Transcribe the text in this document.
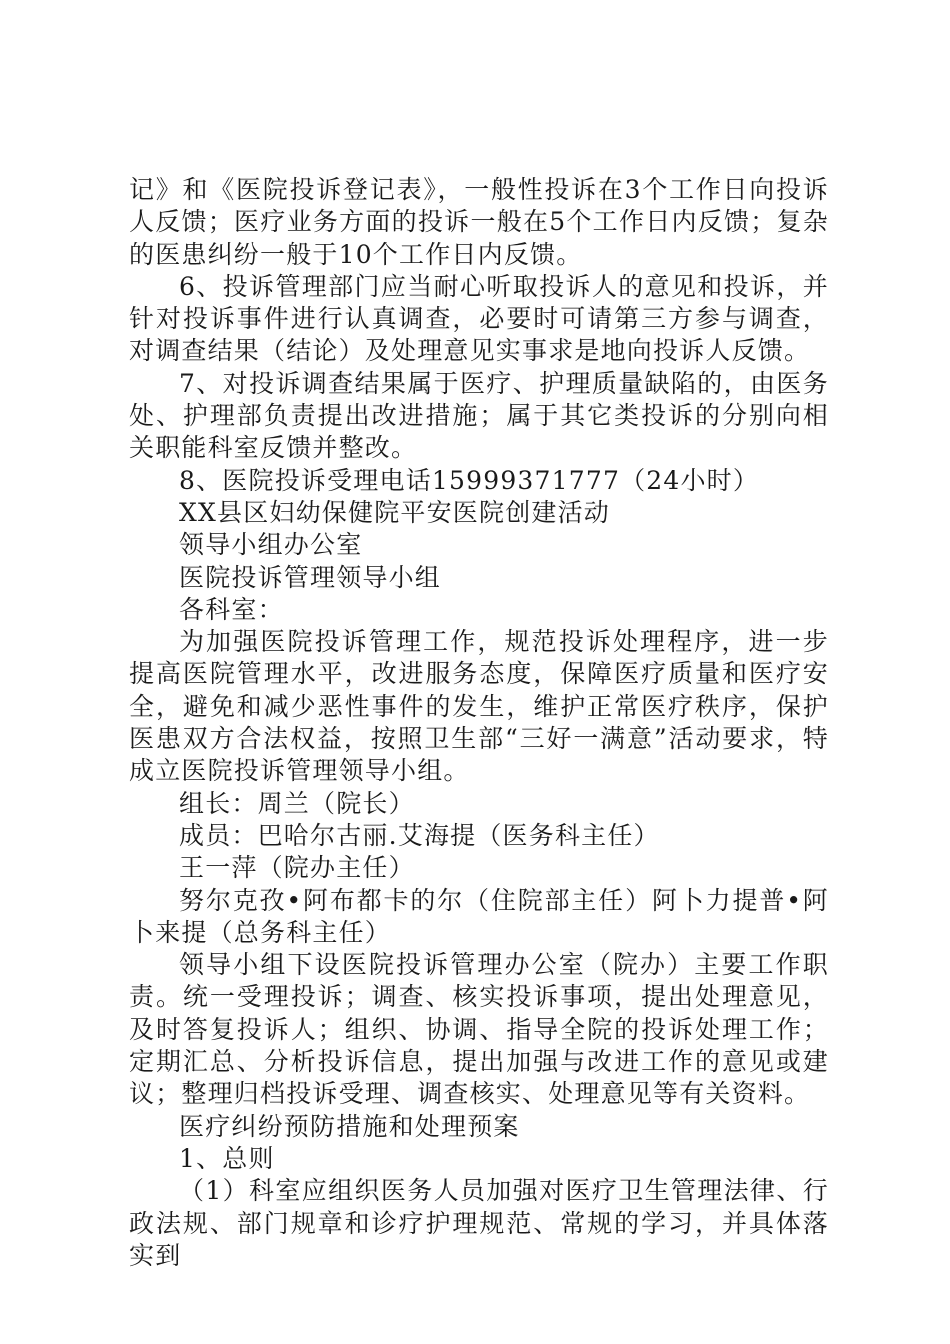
记》和《医院投诉登记表》，一般性投诉在3个工作日向投诉人反馈；医疗业务方面的投诉一般在5个工作日内反馈；复杂的医患纠纷一般于10个工作日内反馈。

6、投诉管理部门应当耐心听取投诉人的意见和投诉，并针对投诉事件进行认真调查，必要时可请第三方参与调查，对调查结果（结论）及处理意见实事求是地向投诉人反馈。

7、对投诉调查结果属于医疗、护理质量缺陷的，由医务处、护理部负责提出改进措施；属于其它类投诉的分别向相关职能科室反馈并整改。

8、医院投诉受理电话15999371777（24小时）

XX县区妇幼保健院平安医院创建活动

领导小组办公室

医院投诉管理领导小组

各科室：

为加强医院投诉管理工作，规范投诉处理程序，进一步提高医院管理水平，改进服务态度，保障医疗质量和医疗安全，避免和减少恶性事件的发生，维护正常医疗秩序，保护医患双方合法权益，按照卫生部“三好一满意”活动要求，特成立医院投诉管理领导小组。

组长：周兰（院长）

成员：巴哈尔古丽.艾海提（医务科主任）

王一萍（院办主任）

努尔克孜•阿布都卡的尔（住院部主任）阿卜力提普•阿卜来提（总务科主任）

领导小组下设医院投诉管理办公室（院办）主要工作职责。统一受理投诉；调查、核实投诉事项，提出处理意见，及时答复投诉人；组织、协调、指导全院的投诉处理工作；定期汇总、分析投诉信息，提出加强与改进工作的意见或建议；整理归档投诉受理、调查核实、处理意见等有关资料。

医疗纠纷预防措施和处理预案

1、总则

（1）科室应组织医务人员加强对医疗卫生管理法律、行政法规、部门规章和诊疗护理规范、常规的学习，并具体落实到
